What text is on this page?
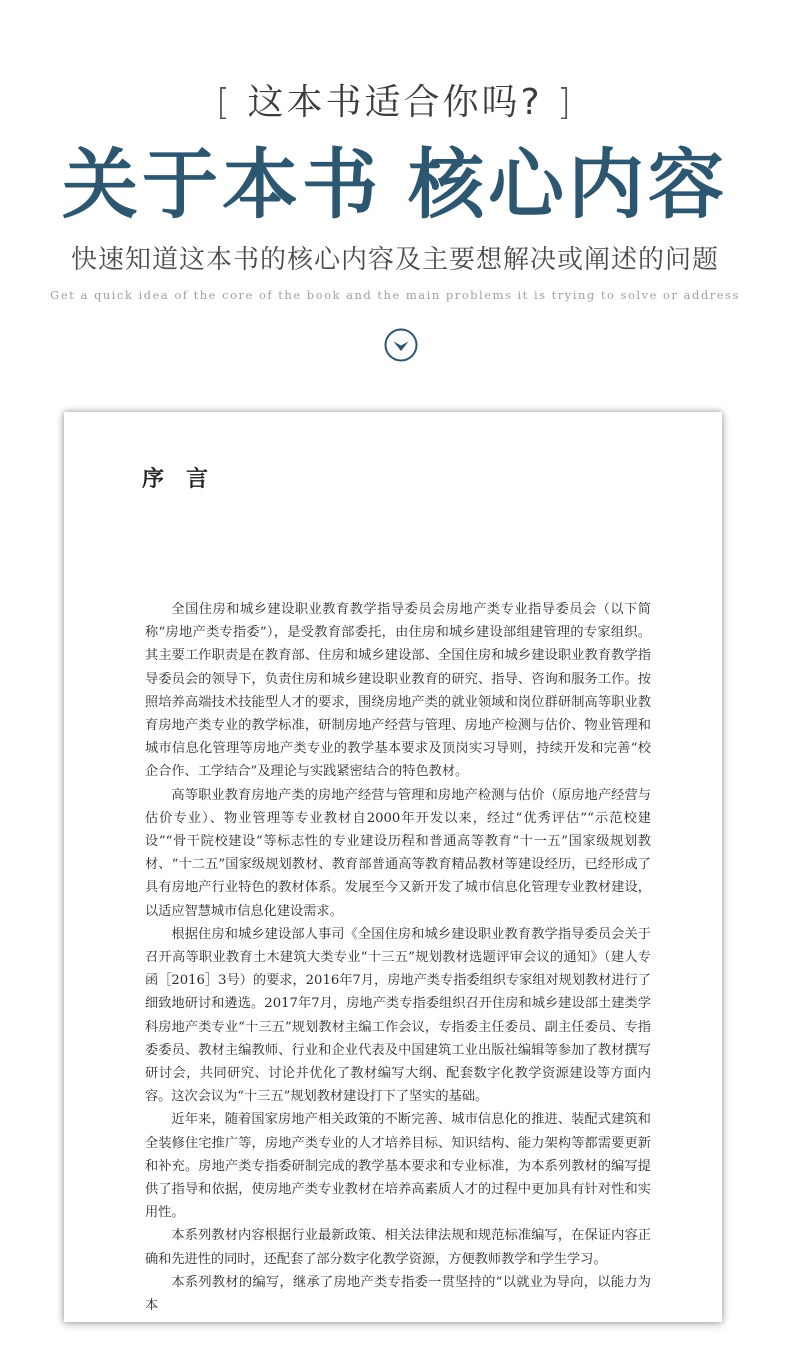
[ 这本书适合你吗? ]
关于本书 核心内容
快速知道这本书的核心内容及主要想解决或阐述的问题
Get a quick idea of the core of the book and the main problems it is trying to solve or address
序言

全国住房和城乡建设职业教育教学指导委员会房地产类专业指导委员会（以下简称“房地产类专指委”），是受教育部委托，由住房和城乡建设部组建管理的专家组织。其主要工作职责是在教育部、住房和城乡建设部、全国住房和城乡建设职业教育教学指导委员会的领导下，负责住房和城乡建设职业教育的研究、指导、咨询和服务工作。按照培养高端技术技能型人才的要求，围绕房地产类的就业领域和岗位群研制高等职业教育房地产类专业的教学标准，研制房地产经营与管理、房地产检测与估价、物业管理和城市信息化管理等房地产类专业的教学基本要求及顶岗实习导则，持续开发和完善“校企合作、工学结合”及理论与实践紧密结合的特色教材。

高等职业教育房地产类的房地产经营与管理和房地产检测与估价（原房地产经营与估价专业）、物业管理等专业教材自2000年开发以来，经过“优秀评估”“示范校建设”“骨干院校建设”等标志性的专业建设历程和普通高等教育“十一五”国家级规划教材、“十二五”国家级规划教材、教育部普通高等教育精品教材等建设经历，已经形成了具有房地产行业特色的教材体系。发展至今又新开发了城市信息化管理专业教材建设，以适应智慧城市信息化建设需求。

根据住房和城乡建设部人事司《全国住房和城乡建设职业教育教学指导委员会关于召开高等职业教育土木建筑大类专业“十三五”规划教材选题评审会议的通知》（建人专函［2016］3号）的要求，2016年7月，房地产类专指委组织专家组对规划教材进行了细致地研讨和遴选。2017年7月，房地产类专指委组织召开住房和城乡建设部土建类学科房地产类专业“十三五”规划教材主编工作会议，专指委主任委员、副主任委员、专指委委员、教材主编教师、行业和企业代表及中国建筑工业出版社编辑等参加了教材撰写研讨会，共同研究、讨论并优化了教材编写大纲、配套数字化教学资源建设等方面内容。这次会议为“十三五”规划教材建设打下了坚实的基础。

近年来，随着国家房地产相关政策的不断完善、城市信息化的推进、装配式建筑和全装修住宅推广等，房地产类专业的人才培养目标、知识结构、能力架构等都需要更新和补充。房地产类专指委研制完成的教学基本要求和专业标准，为本系列教材的编写提供了指导和依据，使房地产类专业教材在培养高素质人才的过程中更加具有针对性和实用性。

本系列教材内容根据行业最新政策、相关法律法规和规范标准编写，在保证内容正确和先进性的同时，还配套了部分数字化教学资源，方便教师教学和学生学习。

本系列教材的编写，继承了房地产类专指委一贯坚持的“以就业为导向，以能力为本
